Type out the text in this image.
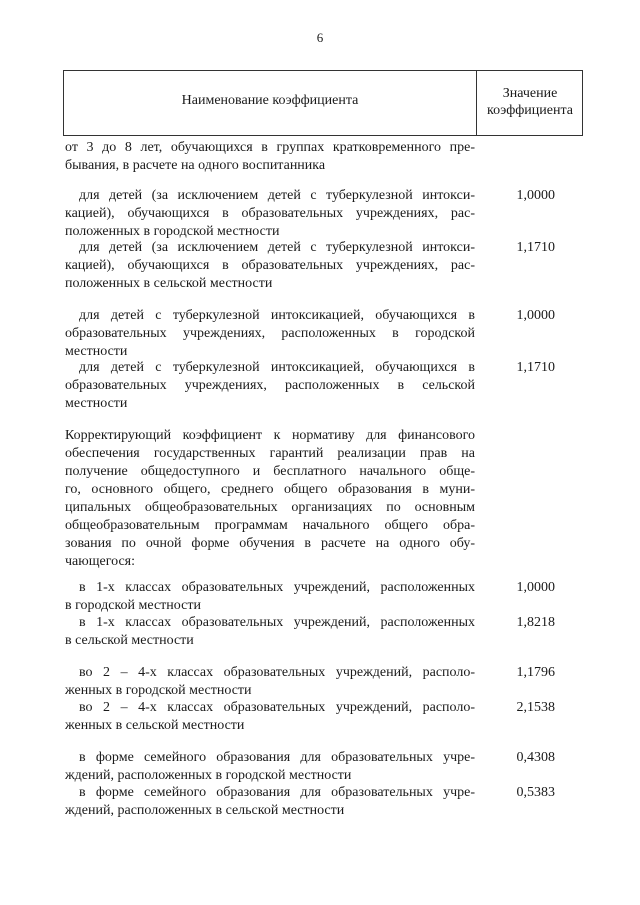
6
Наименование коэффициента	Значение
коэффициента
от 3 до 8 лет, обучающихся в группах кратковременного пре-
бывания, в расчете на одного воспитанника
для детей (за исключением детей с туберкулезной интокси-
кацией), обучающихся в образовательных учреждениях, рас-
положенных в городской местности
1,0000
для детей (за исключением детей с туберкулезной интокси-
кацией), обучающихся в образовательных учреждениях, рас-
положенных в сельской местности
1,1710
для детей с туберкулезной интоксикацией, обучающихся в
образовательных учреждениях, расположенных в городской
местности
1,0000
для детей с туберкулезной интоксикацией, обучающихся в
образовательных учреждениях, расположенных в сельской
местности
1,1710
Корректирующий коэффициент к нормативу для финансового
обеспечения государственных гарантий реализации прав на
получение общедоступного и бесплатного начального обще-
го, основного общего, среднего общего образования в муни-
ципальных общеобразовательных организациях по основным
общеобразовательным программам начального общего обра-
зования по очной форме обучения в расчете на одного обу-
чающегося:
в 1-х классах образовательных учреждений, расположенных
в городской местности
1,0000
в 1-х классах образовательных учреждений, расположенных
в сельской местности
1,8218
во 2 – 4-х классах образовательных учреждений, располо-
женных в городской местности
1,1796
во 2 – 4-х классах образовательных учреждений, располо-
женных в сельской местности
2,1538
в форме семейного образования для образовательных учре-
ждений, расположенных в городской местности
0,4308
в форме семейного образования для образовательных учре-
ждений, расположенных в сельской местности
0,5383
